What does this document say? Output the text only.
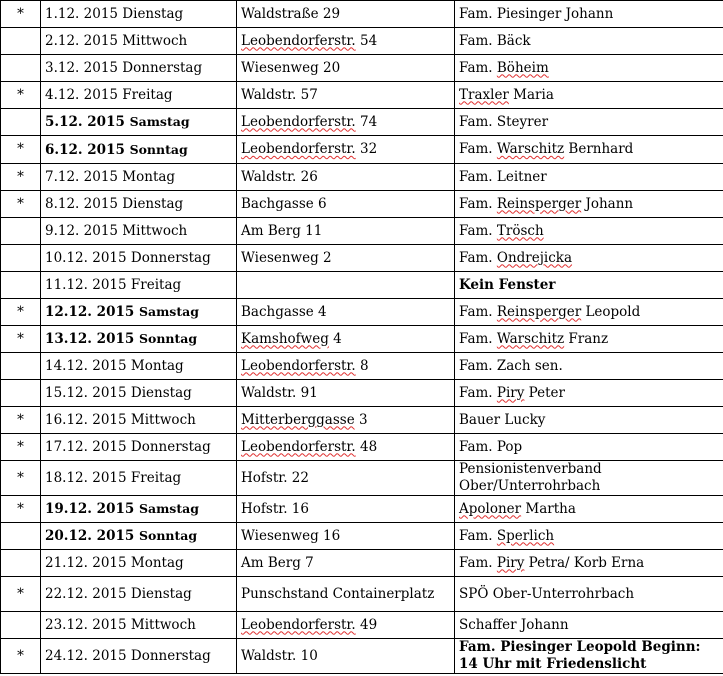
*	1.12. 2015 Dienstag	Waldstraße 29	Fam. Piesinger Johann
	2.12. 2015 Mittwoch	Leobendorferstr. 54	Fam. Bäck
	3.12. 2015 Donnerstag	Wiesenweg 20	Fam. Böheim
*	4.12. 2015 Freitag	Waldstr. 57	Traxler Maria
	5.12. 2015 Samstag	Leobendorferstr. 74	Fam. Steyrer
*	6.12. 2015 Sonntag	Leobendorferstr. 32	Fam. Warschitz Bernhard
*	7.12. 2015 Montag	Waldstr. 26	Fam. Leitner
*	8.12. 2015 Dienstag	Bachgasse 6	Fam. Reinsperger Johann
	9.12. 2015 Mittwoch	Am Berg 11	Fam. Trösch
	10.12. 2015 Donnerstag	Wiesenweg 2	Fam. Ondrejicka
	11.12. 2015 Freitag		Kein Fenster
*	12.12. 2015 Samstag	Bachgasse 4	Fam. Reinsperger Leopold
*	13.12. 2015 Sonntag	Kamshofweg 4	Fam. Warschitz Franz
	14.12. 2015 Montag	Leobendorferstr. 8	Fam. Zach sen.
	15.12. 2015 Dienstag	Waldstr. 91	Fam. Piry Peter
*	16.12. 2015 Mittwoch	Mitterberggasse 3	Bauer Lucky
*	17.12. 2015 Donnerstag	Leobendorferstr. 48	Fam. Pop
*	18.12. 2015 Freitag	Hofstr. 22	Pensionistenverband Ober/Unterrohrbach
*	19.12. 2015 Samstag	Hofstr. 16	Apoloner Martha
	20.12. 2015 Sonntag	Wiesenweg 16	Fam. Sperlich
	21.12. 2015 Montag	Am Berg 7	Fam. Piry Petra/ Korb Erna
*	22.12. 2015 Dienstag	Punschstand Containerplatz	SPÖ Ober-Unterrohrbach
	23.12. 2015 Mittwoch	Leobendorferstr. 49	Schaffer Johann
*	24.12. 2015 Donnerstag	Waldstr. 10	Fam. Piesinger Leopold Beginn: 14 Uhr mit Friedenslicht
